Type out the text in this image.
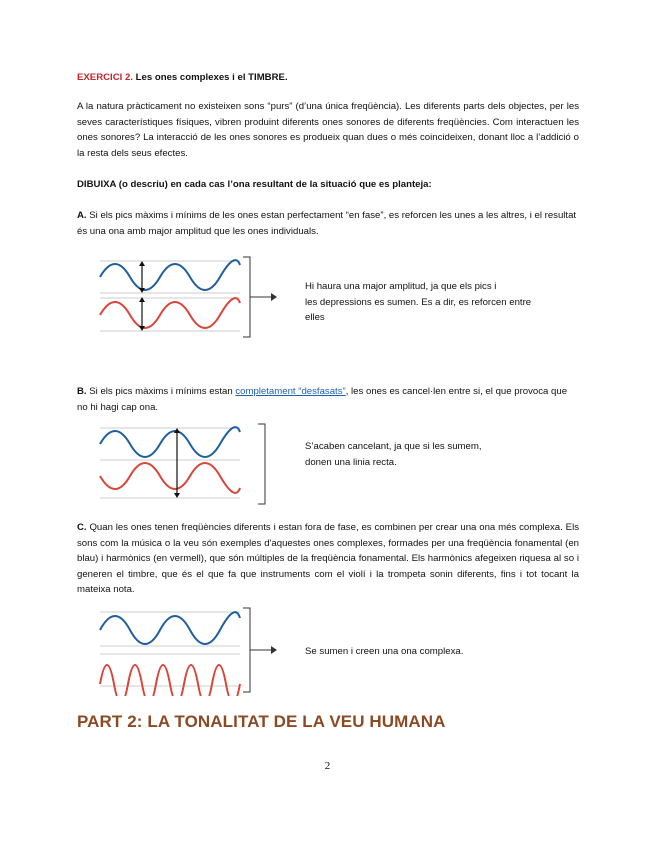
EXERCICI 2. Les ones complexes i el TIMBRE.
A la natura pràcticament no existeixen sons “purs” (d’una única freqüència). Les diferents parts dels objectes, per les seves característiques físiques, vibren produint diferents ones sonores de diferents freqüències. Com interactuen les ones sonores? La interacció de les ones sonores es produeix quan dues o més coincideixen, donant lloc a l’addició o la resta dels seus efectes.
DIBUIXA (o descriu) en cada cas l’ona resultant de la situació que es planteja:
A. Si els pics màxims i mínims de les ones estan perfectament “en fase”, es reforcen les unes a les altres, i el resultat és una ona amb major amplitud que les ones individuals.
Hi haura una major amplitud, ja que els pics i
les depressions es sumen. Es a dir, es reforcen entre
elles
B. Si els pics màxims i mínims estan completament “desfasats”, les ones es cancel·len entre si, el que provoca que no hi hagi cap ona.
S’acaben cancelant, ja que si les sumem,
donen una linia recta.
C. Quan les ones tenen freqüències diferents i estan fora de fase, es combinen per crear una ona més complexa. Els sons com la música o la veu són exemples d'aquestes ones complexes, formades per una freqüència fonamental (en blau) i harmònics (en vermell), que són múltiples de la freqüència fonamental. Els harmònics afegeixen riquesa al so i generen el timbre, que és el que fa que instruments com el violí i la trompeta sonin diferents, fins i tot tocant la mateixa nota.
Se sumen i creen una ona complexa.
PART 2: LA TONALITAT DE LA VEU HUMANA
2
